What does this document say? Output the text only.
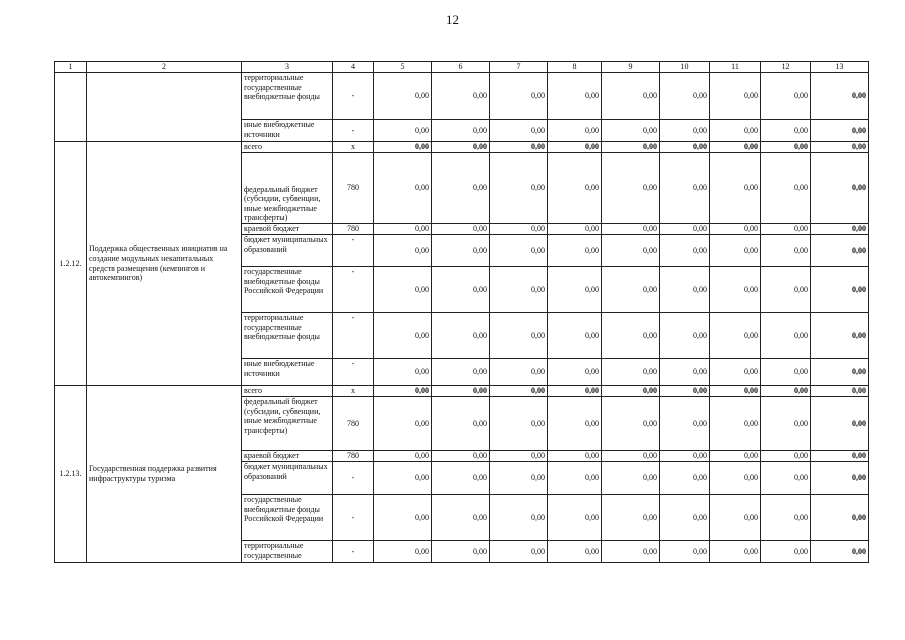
12
1	2	3	4	5	6	7	8	9	10	11	12	13
		территориальные государственные внебюджетные фонды	-	0,00	0,00	0,00	0,00	0,00	0,00	0,00	0,00	0,00
		иные внебюджетные источники	-	0,00	0,00	0,00	0,00	0,00	0,00	0,00	0,00	0,00
1.2.12.	Поддержка общественных инициатив на создание модульных некапитальных средств размещения (кемпингов и автокемпингов)	всего	x	0,00	0,00	0,00	0,00	0,00	0,00	0,00	0,00	0,00
		федеральный бюджет (субсидии, субвенции, иные межбюджетные трансферты)	780	0,00	0,00	0,00	0,00	0,00	0,00	0,00	0,00	0,00
		краевой бюджет	780	0,00	0,00	0,00	0,00	0,00	0,00	0,00	0,00	0,00
		бюджет муниципальных образований	-	0,00	0,00	0,00	0,00	0,00	0,00	0,00	0,00	0,00
		государственные внебюджетные фонды Российской Федерации	-	0,00	0,00	0,00	0,00	0,00	0,00	0,00	0,00	0,00
		территориальные государственные внебюджетные фонды	-	0,00	0,00	0,00	0,00	0,00	0,00	0,00	0,00	0,00
		иные внебюджетные источники	-	0,00	0,00	0,00	0,00	0,00	0,00	0,00	0,00	0,00
1.2.13.	Государственная поддержка развития инфраструктуры туризма	всего	x	0,00	0,00	0,00	0,00	0,00	0,00	0,00	0,00	0,00
		федеральный бюджет (субсидии, субвенции, иные межбюджетные трансферты)	780	0,00	0,00	0,00	0,00	0,00	0,00	0,00	0,00	0,00
		краевой бюджет	780	0,00	0,00	0,00	0,00	0,00	0,00	0,00	0,00	0,00
		бюджет муниципальных образований	-	0,00	0,00	0,00	0,00	0,00	0,00	0,00	0,00	0,00
		государственные внебюджетные фонды Российской Федерации	-	0,00	0,00	0,00	0,00	0,00	0,00	0,00	0,00	0,00
		территориальные государственные	-	0,00	0,00	0,00	0,00	0,00	0,00	0,00	0,00	0,00
